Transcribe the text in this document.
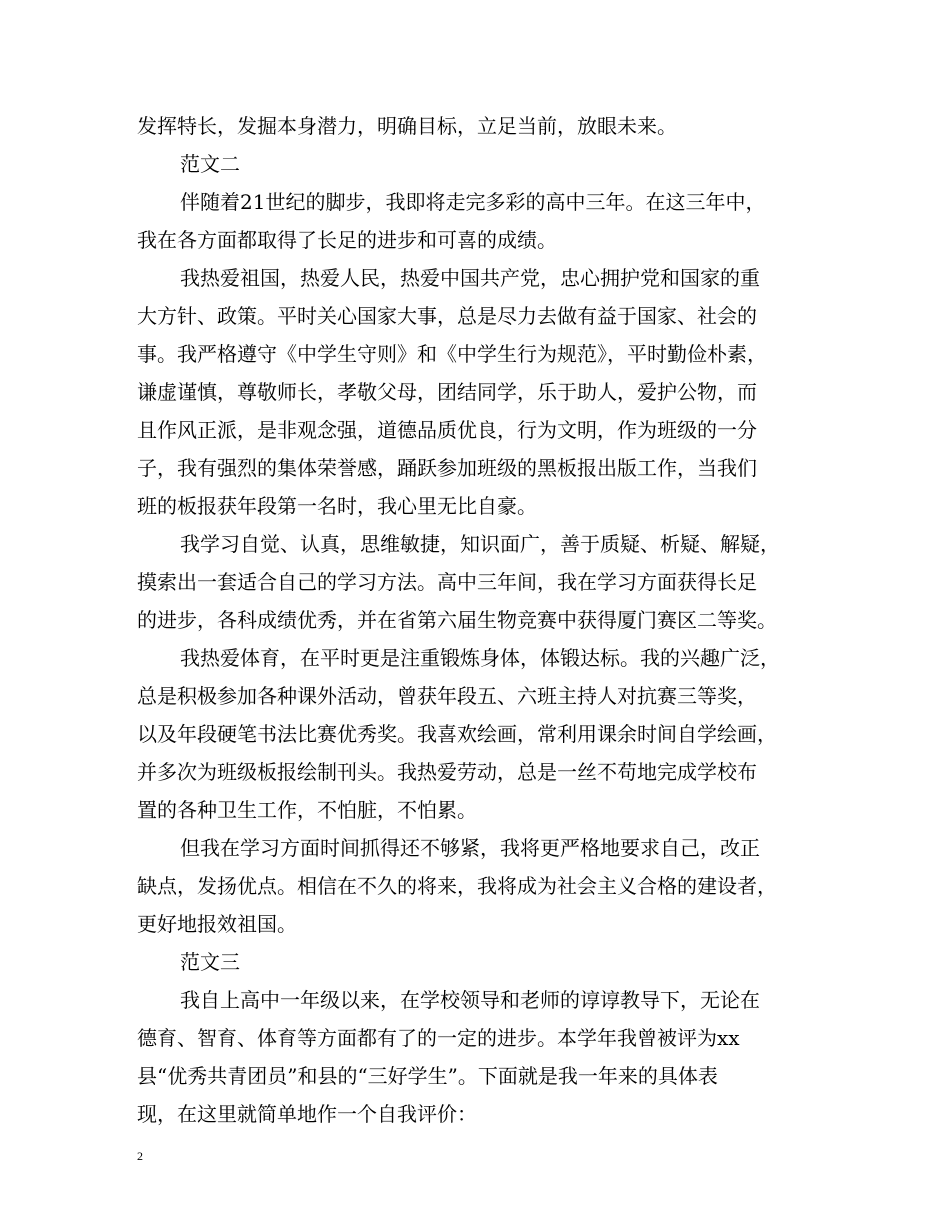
发挥特长，发掘本身潜力，明确目标，立足当前，放眼未来。
范文二
伴随着21世纪的脚步，我即将走完多彩的高中三年。在这三年中，
我在各方面都取得了长足的进步和可喜的成绩。
我热爱祖国，热爱人民，热爱中国共产党，忠心拥护党和国家的重
大方针、政策。平时关心国家大事，总是尽力去做有益于国家、社会的
事。我严格遵守《中学生守则》和《中学生行为规范》，平时勤俭朴素，
谦虚谨慎，尊敬师长，孝敬父母，团结同学，乐于助人，爱护公物，而
且作风正派，是非观念强，道德品质优良，行为文明，作为班级的一分
子，我有强烈的集体荣誉感，踊跃参加班级的黑板报出版工作，当我们
班的板报获年段第一名时，我心里无比自豪。
我学习自觉、认真，思维敏捷，知识面广，善于质疑、析疑、解疑，
摸索出一套适合自己的学习方法。高中三年间，我在学习方面获得长足
的进步，各科成绩优秀，并在省第六届生物竞赛中获得厦门赛区二等奖。
我热爱体育，在平时更是注重锻炼身体，体锻达标。我的兴趣广泛，
总是积极参加各种课外活动，曾获年段五、六班主持人对抗赛三等奖，
以及年段硬笔书法比赛优秀奖。我喜欢绘画，常利用课余时间自学绘画，
并多次为班级板报绘制刊头。我热爱劳动，总是一丝不苟地完成学校布
置的各种卫生工作，不怕脏，不怕累。
但我在学习方面时间抓得还不够紧，我将更严格地要求自己，改正
缺点，发扬优点。相信在不久的将来，我将成为社会主义合格的建设者，
更好地报效祖国。
范文三
我自上高中一年级以来，在学校领导和老师的谆谆教导下，无论在
德育、智育、体育等方面都有了的一定的进步。本学年我曾被评为xx
县“优秀共青团员”和县的“三好学生”。下面就是我一年来的具体表
现，在这里就简单地作一个自我评价：
2
